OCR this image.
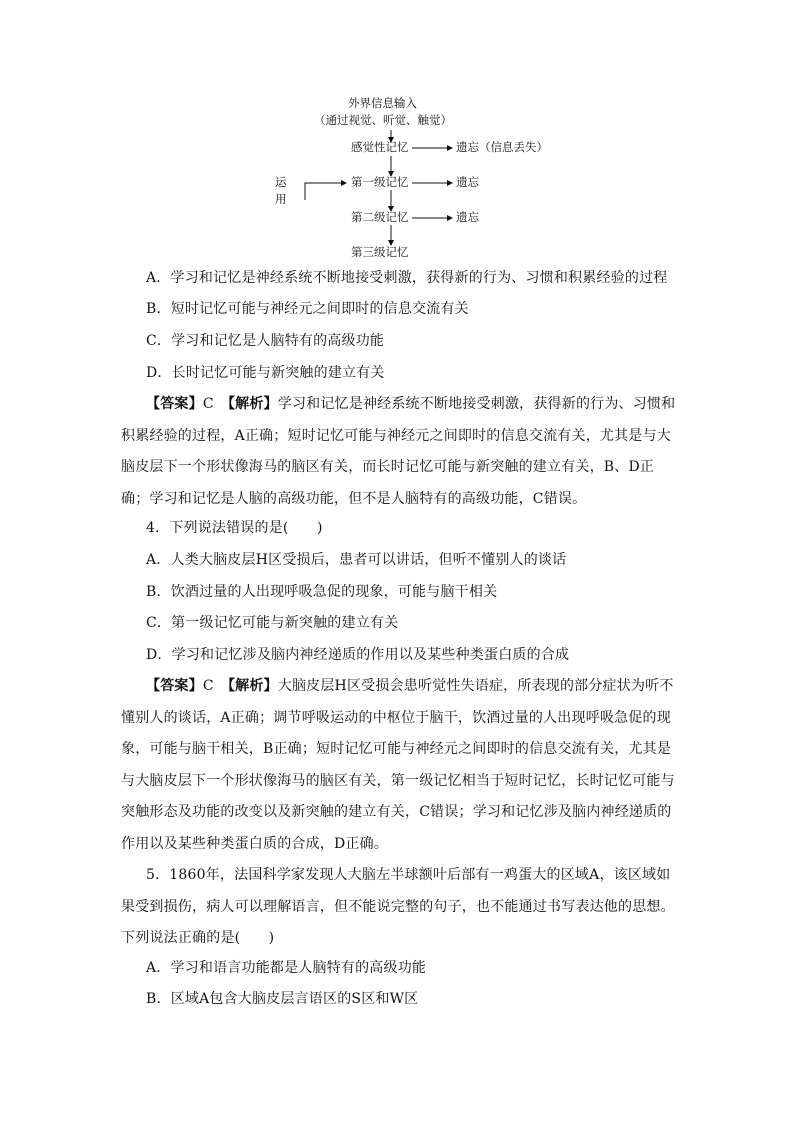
外界信息输入
（通过视觉、听觉、触觉）
感觉性记忆	遗忘（信息丢失）
第一级记忆	遗忘
第二级记忆	遗忘
第三级记忆
运
用
A．学习和记忆是神经系统不断地接受刺激，获得新的行为、习惯和积累经验的过程
B．短时记忆可能与神经元之间即时的信息交流有关
C．学习和记忆是人脑特有的高级功能
D．长时记忆可能与新突触的建立有关
【答案】C　【解析】学习和记忆是神经系统不断地接受刺激，获得新的行为、习惯和积累经验的过程，A正确；短时记忆可能与神经元之间即时的信息交流有关，尤其是与大脑皮层下一个形状像海马的脑区有关，而长时记忆可能与新突触的建立有关，B、D正确；学习和记忆是人脑的高级功能，但不是人脑特有的高级功能，C错误。
4．下列说法错误的是(　　)
A．人类大脑皮层H区受损后，患者可以讲话，但听不懂别人的谈话
B．饮酒过量的人出现呼吸急促的现象，可能与脑干相关
C．第一级记忆可能与新突触的建立有关
D．学习和记忆涉及脑内神经递质的作用以及某些种类蛋白质的合成
【答案】C　【解析】大脑皮层H区受损会患听觉性失语症，所表现的部分症状为听不懂别人的谈话，A正确；调节呼吸运动的中枢位于脑干，饮酒过量的人出现呼吸急促的现象，可能与脑干相关，B正确；短时记忆可能与神经元之间即时的信息交流有关，尤其是与大脑皮层下一个形状像海马的脑区有关，第一级记忆相当于短时记忆，长时记忆可能与突触形态及功能的改变以及新突触的建立有关，C错误；学习和记忆涉及脑内神经递质的作用以及某些种类蛋白质的合成，D正确。
5．1860年，法国科学家发现人大脑左半球额叶后部有一鸡蛋大的区域A，该区域如果受到损伤，病人可以理解语言，但不能说完整的句子，也不能通过书写表达他的思想。下列说法正确的是(　　)
A．学习和语言功能都是人脑特有的高级功能
B．区域A包含大脑皮层言语区的S区和W区
